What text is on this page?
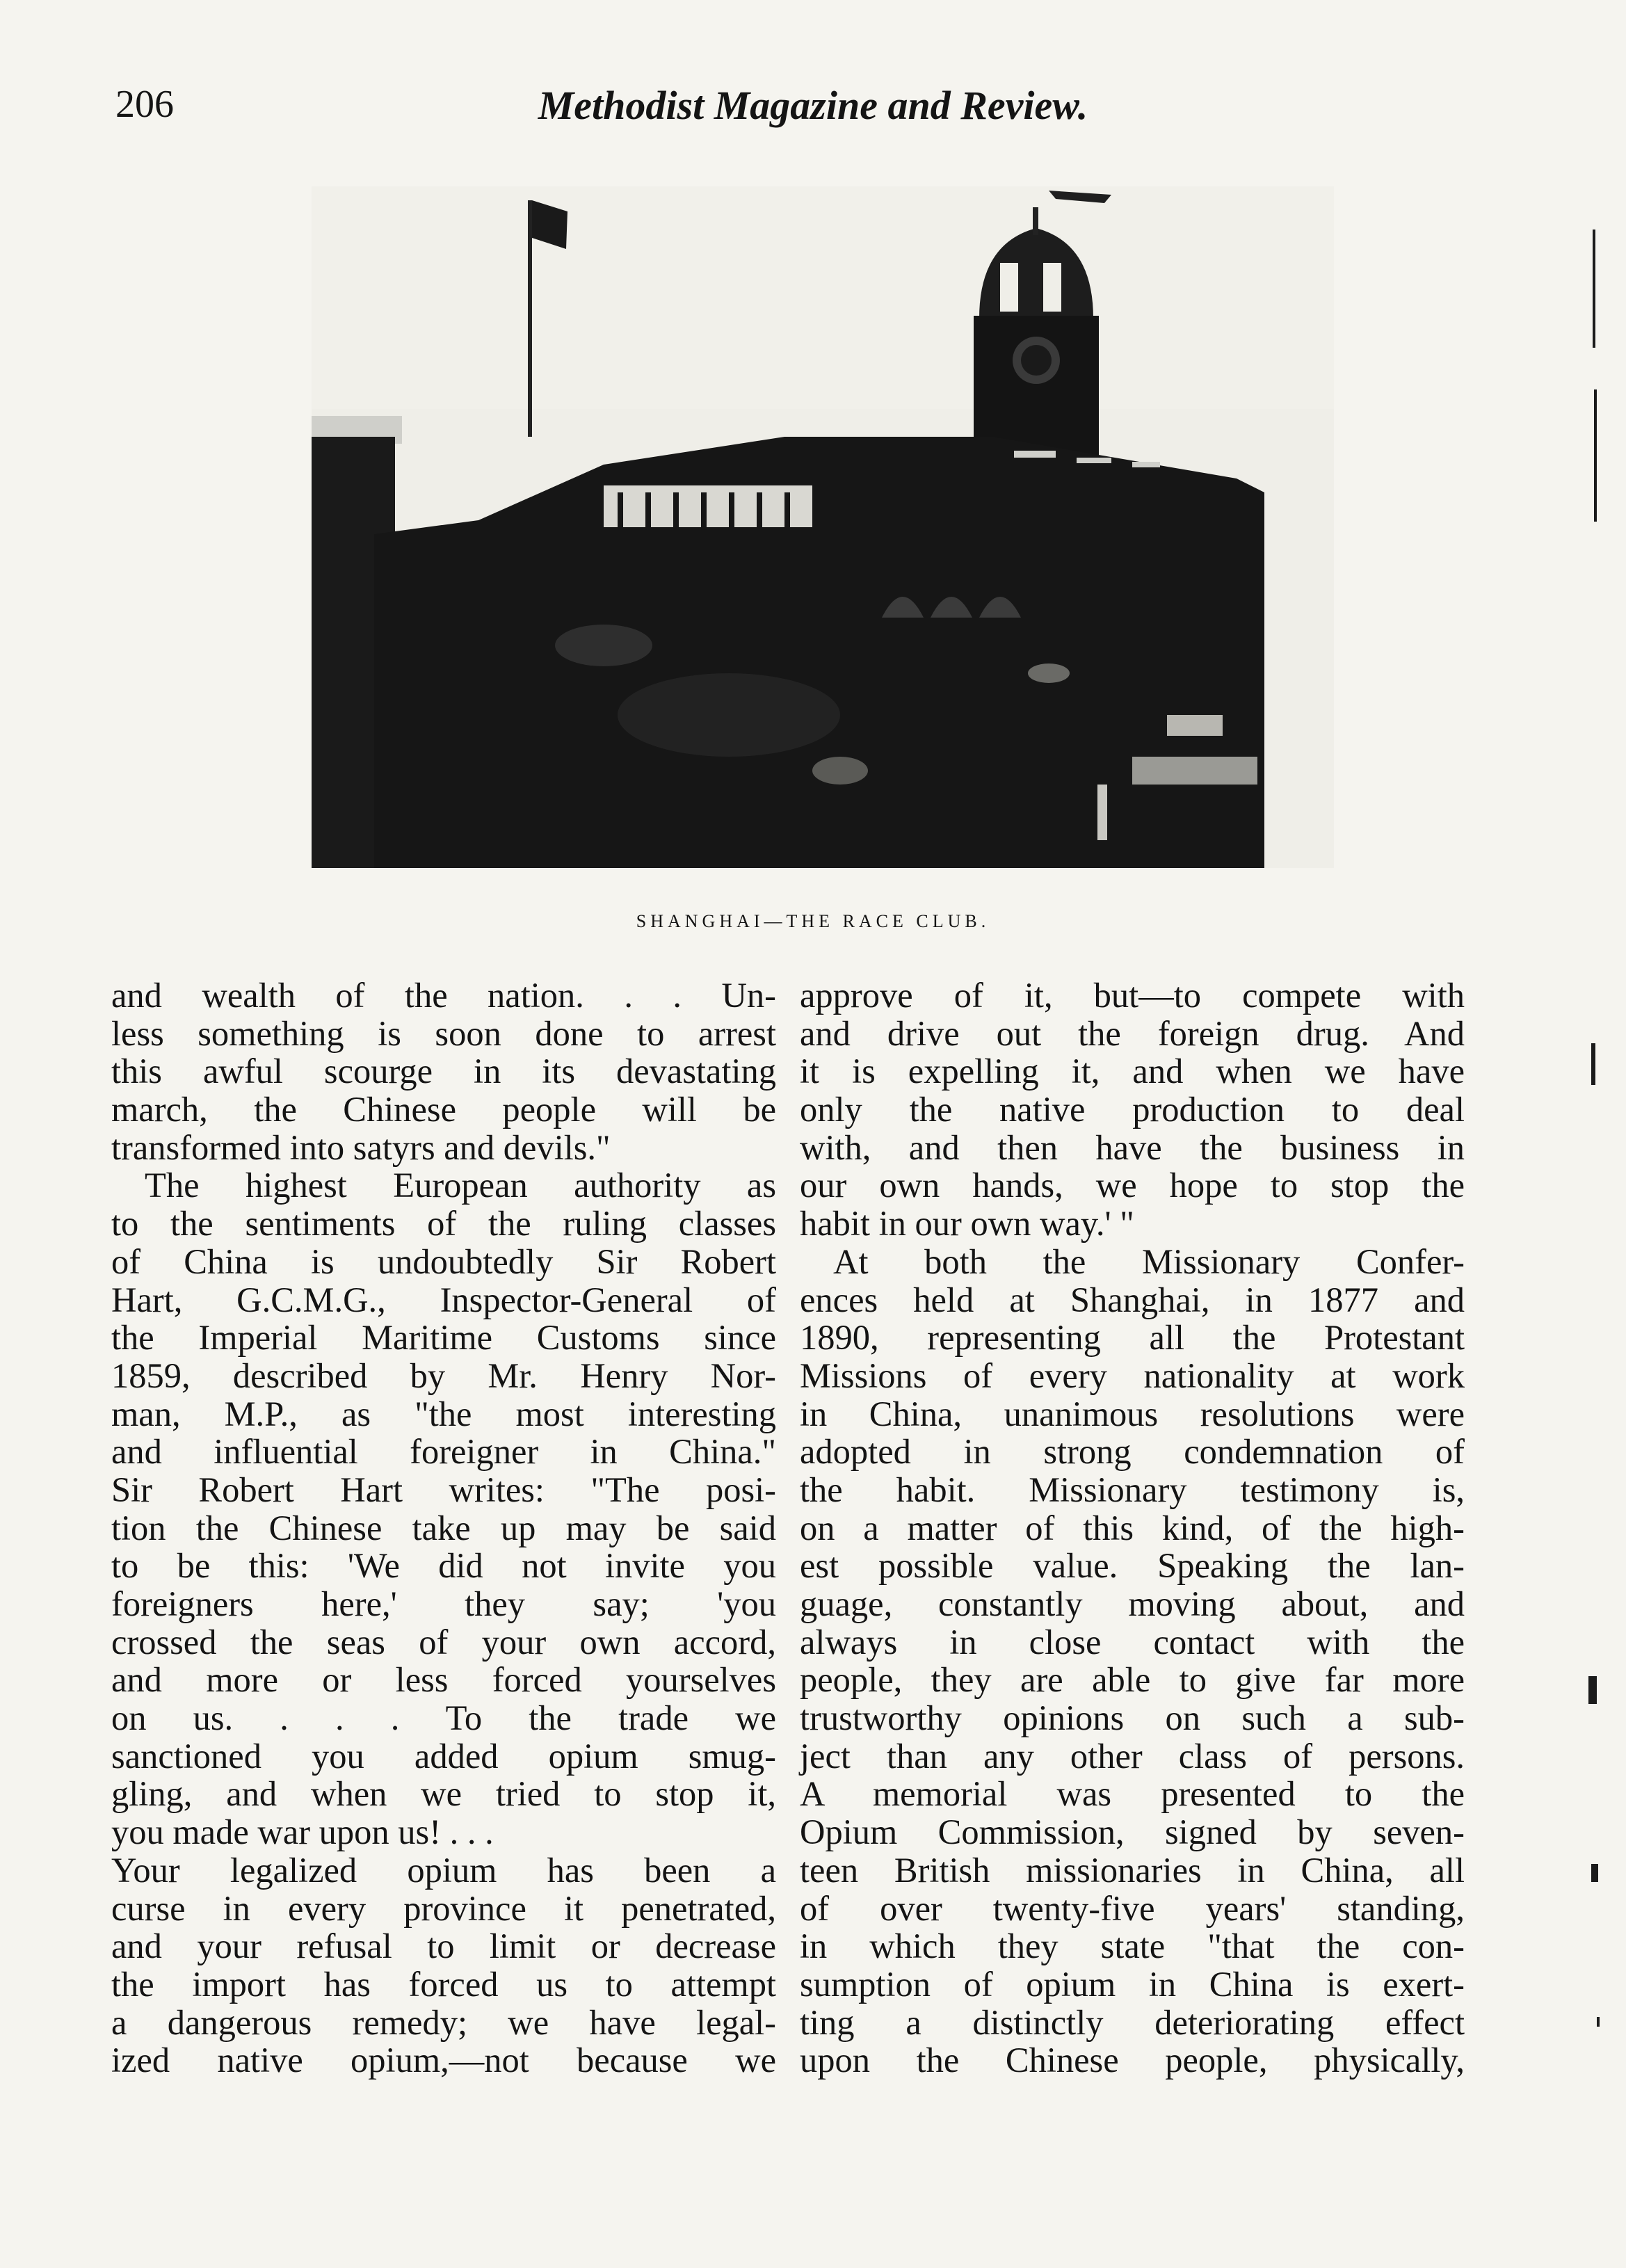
206	Methodist Magazine and Review.
SHANGHAI—THE RACE CLUB.
and wealth of the nation. . . Un-
less something is soon done to arrest
this awful scourge in its devastating
march, the Chinese people will be
transformed into satyrs and devils."
The highest European authority as
to the sentiments of the ruling classes
of China is undoubtedly Sir Robert
Hart, G.C.M.G., Inspector-General of
the Imperial Maritime Customs since
1859, described by Mr. Henry Nor-
man, M.P., as "the most interesting
and influential foreigner in China."
Sir Robert Hart writes: "The posi-
tion the Chinese take up may be said
to be this: 'We did not invite you
foreigners here,' they say; 'you
crossed the seas of your own accord,
and more or less forced yourselves
on us. . . . To the trade we
sanctioned you added opium smug-
gling, and when we tried to stop it,
you made war upon us! . . .
Your legalized opium has been a
curse in every province it penetrated,
and your refusal to limit or decrease
the import has forced us to attempt
a dangerous remedy; we have legal-
ized native opium,—not because we
approve of it, but—to compete with
and drive out the foreign drug. And
it is expelling it, and when we have
only the native production to deal
with, and then have the business in
our own hands, we hope to stop the
habit in our own way.' "
At both the Missionary Confer-
ences held at Shanghai, in 1877 and
1890, representing all the Protestant
Missions of every nationality at work
in China, unanimous resolutions were
adopted in strong condemnation of
the habit. Missionary testimony is,
on a matter of this kind, of the high-
est possible value. Speaking the lan-
guage, constantly moving about, and
always in close contact with the
people, they are able to give far more
trustworthy opinions on such a sub-
ject than any other class of persons.
A memorial was presented to the
Opium Commission, signed by seven-
teen British missionaries in China, all
of over twenty-five years' standing,
in which they state "that the con-
sumption of opium in China is exert-
ting a distinctly deteriorating effect
upon the Chinese people, physically,
